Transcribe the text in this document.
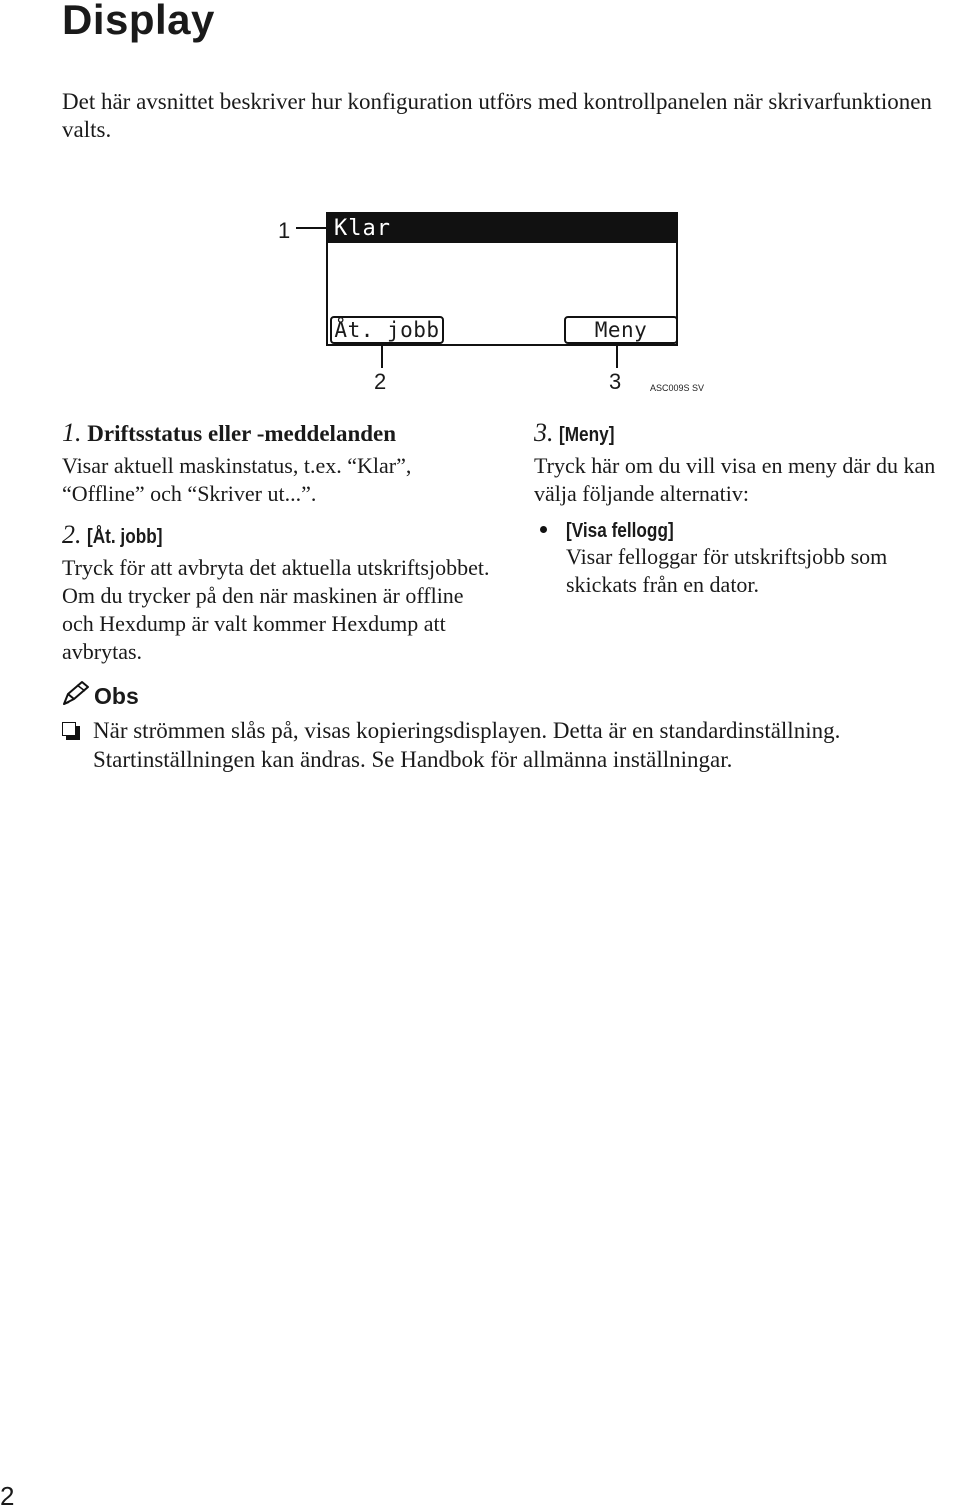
Display
Det här avsnittet beskriver hur konfiguration utförs med kontrollpanelen när skrivarfunktionen valts.
Klar
Åt. jobb	Meny
1
2	3	ASC009S SV
1. Driftsstatus eller -meddelanden
Visar aktuell maskinstatus, t.ex. “Klar”, “Offline” och “Skriver ut...”.
2. [Åt. jobb]
Tryck för att avbryta det aktuella utskriftsjobbet. Om du trycker på den när maskinen är offline och Hexdump är valt kommer Hexdump att avbrytas.
3. [Meny]
Tryck här om du vill visa en meny där du kan välja följande alternativ:
[Visa fellogg]
Visar felloggar för utskriftsjobb som skickats från en dator.
Obs
När strömmen slås på, visas kopieringsdisplayen. Detta är en standardinställning. Startinställningen kan ändras. Se Handbok för allmänna inställningar.
2
